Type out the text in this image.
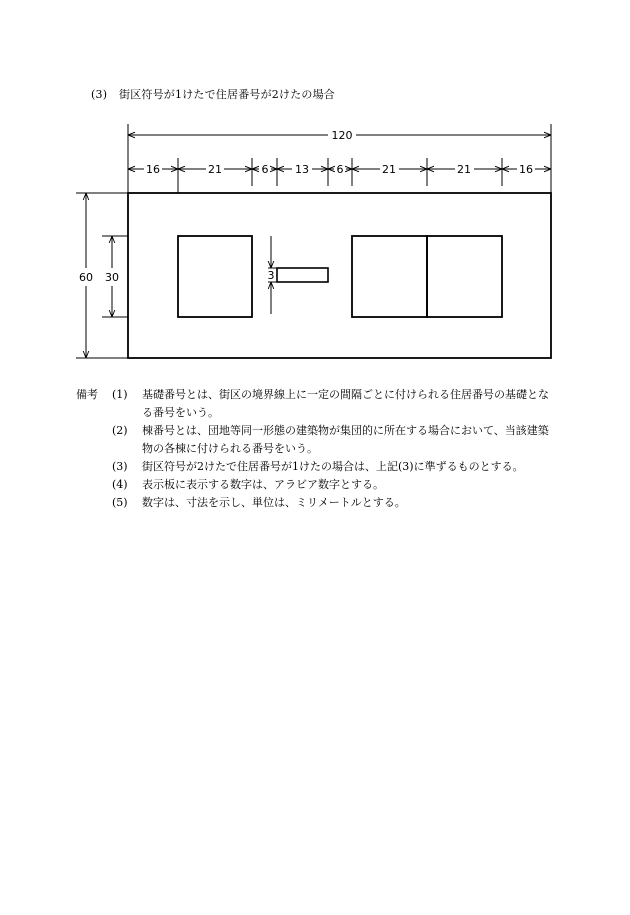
(3) 街区符号が1けたで住居番号が2けたの場合
120
16	21	6 13	6	21	21	16
60 30	3
備考 (1) 基礎番号とは、街区の境界線上に一定の間隔ごとに付けられる住居番号の基礎となる番号をいう。
(2) 棟番号とは、団地等同一形態の建築物が集団的に所在する場合において、当該建築物の各棟に付けられる番号をいう。
(3) 街区符号が2けたで住居番号が1けたの場合は、上記(3)に準ずるものとする。
(4) 表示板に表示する数字は、アラビア数字とする。
(5) 数字は、寸法を示し、単位は、ミリメートルとする。
